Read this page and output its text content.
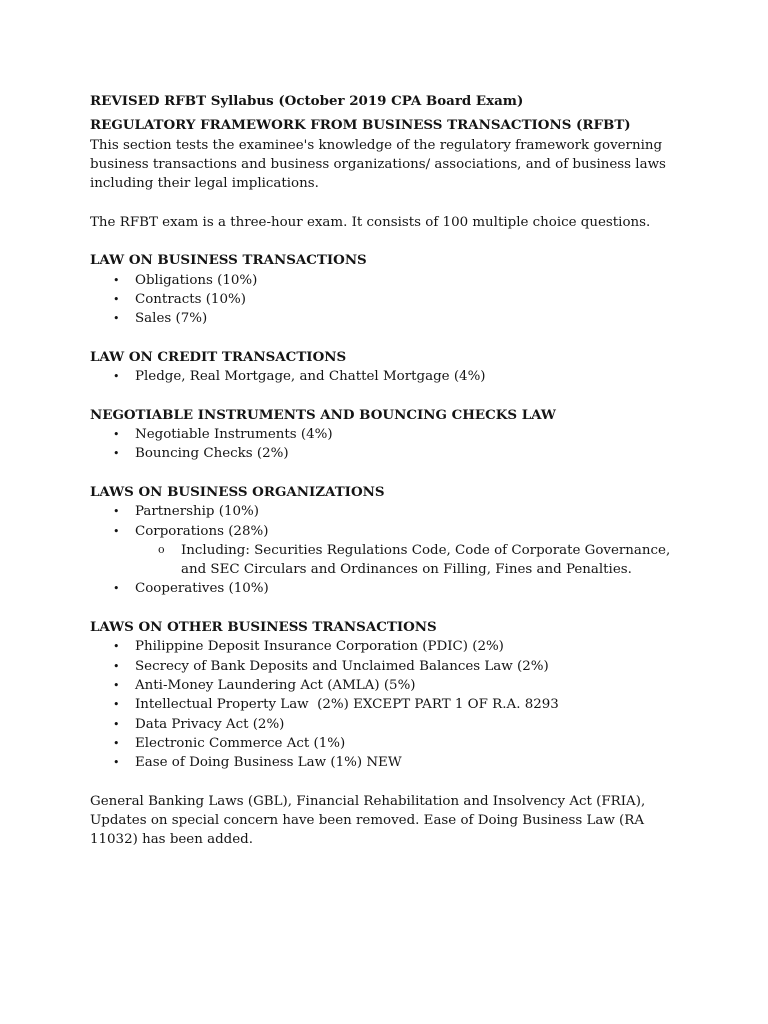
REVISED RFBT Syllabus (October 2019 CPA Board Exam)

REGULATORY FRAMEWORK FROM BUSINESS TRANSACTIONS (RFBT)

This section tests the examinee's knowledge of the regulatory framework governing business transactions and business organizations/ associations, and of business laws including their legal implications.

The RFBT exam is a three-hour exam. It consists of 100 multiple choice questions.

LAW ON BUSINESS TRANSACTIONS

• Obligations (10%)
• Contracts (10%)
• Sales (7%)

LAW ON CREDIT TRANSACTIONS

• Pledge, Real Mortgage, and Chattel Mortgage (4%)

NEGOTIABLE INSTRUMENTS AND BOUNCING CHECKS LAW

• Negotiable Instruments (4%)
• Bouncing Checks (2%)

LAWS ON BUSINESS ORGANIZATIONS

• Partnership (10%)
• Corporations (28%)
o Including: Securities Regulations Code, Code of Corporate Governance, and SEC Circulars and Ordinances on Filling, Fines and Penalties.
• Cooperatives (10%)

LAWS ON OTHER BUSINESS TRANSACTIONS

• Philippine Deposit Insurance Corporation (PDIC) (2%)
• Secrecy of Bank Deposits and Unclaimed Balances Law (2%)
• Anti-Money Laundering Act (AMLA) (5%)
• Intellectual Property Law  (2%) EXCEPT PART 1 OF R.A. 8293
• Data Privacy Act (2%)
• Electronic Commerce Act (1%)
• Ease of Doing Business Law (1%) NEW

General Banking Laws (GBL), Financial Rehabilitation and Insolvency Act (FRIA), Updates on special concern have been removed. Ease of Doing Business Law (RA 11032) has been added.
